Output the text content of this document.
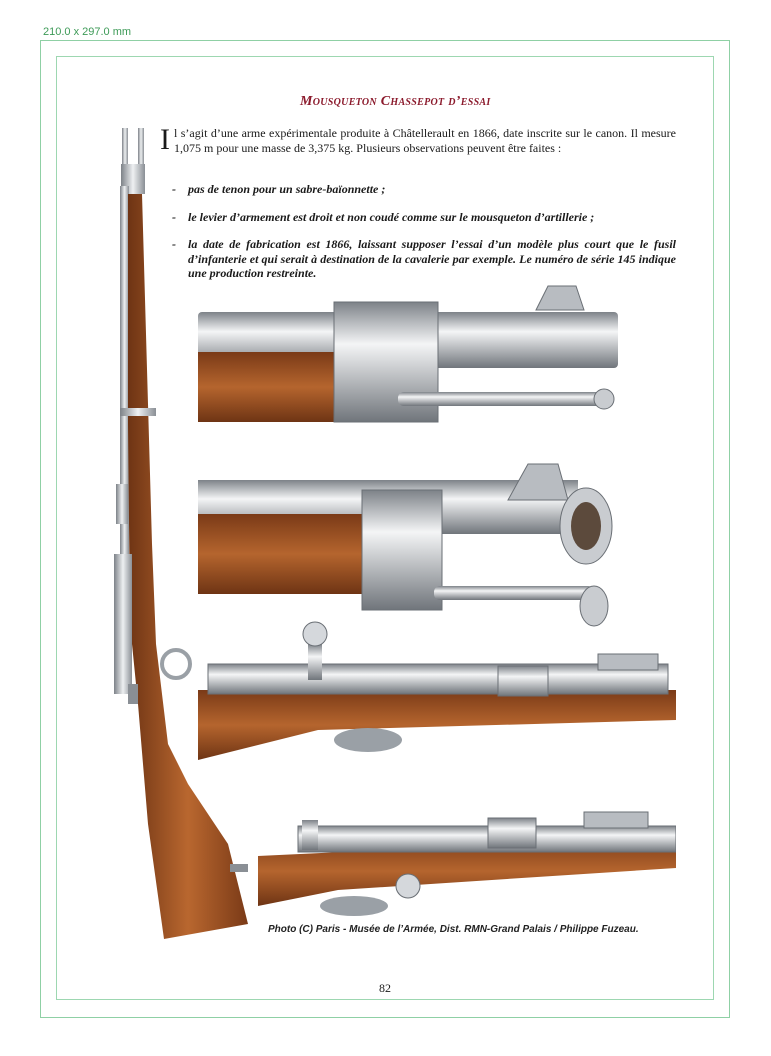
210.0 x 297.0 mm
Mousqueton Chassepot d’essai
Il s’agit d’une arme expérimentale produite à Châtellerault en 1866, date inscrite sur le canon. Il mesure 1,075 m pour une masse de 3,375 kg. Plusieurs observations peuvent être faites :
- pas de tenon pour un sabre-baïonnette ;
- le levier d’armement est droit et non coudé comme sur le mousqueton d’artillerie ;
- la date de fabrication est 1866, laissant supposer l’essai d’un modèle plus court que le fusil d’infanterie et qui serait à destination de la cavalerie par exemple. Le numéro de série 145 indique une production restreinte.
Photo (C) Paris - Musée de l’Armée, Dist. RMN-Grand Palais / Philippe Fuzeau.
82
